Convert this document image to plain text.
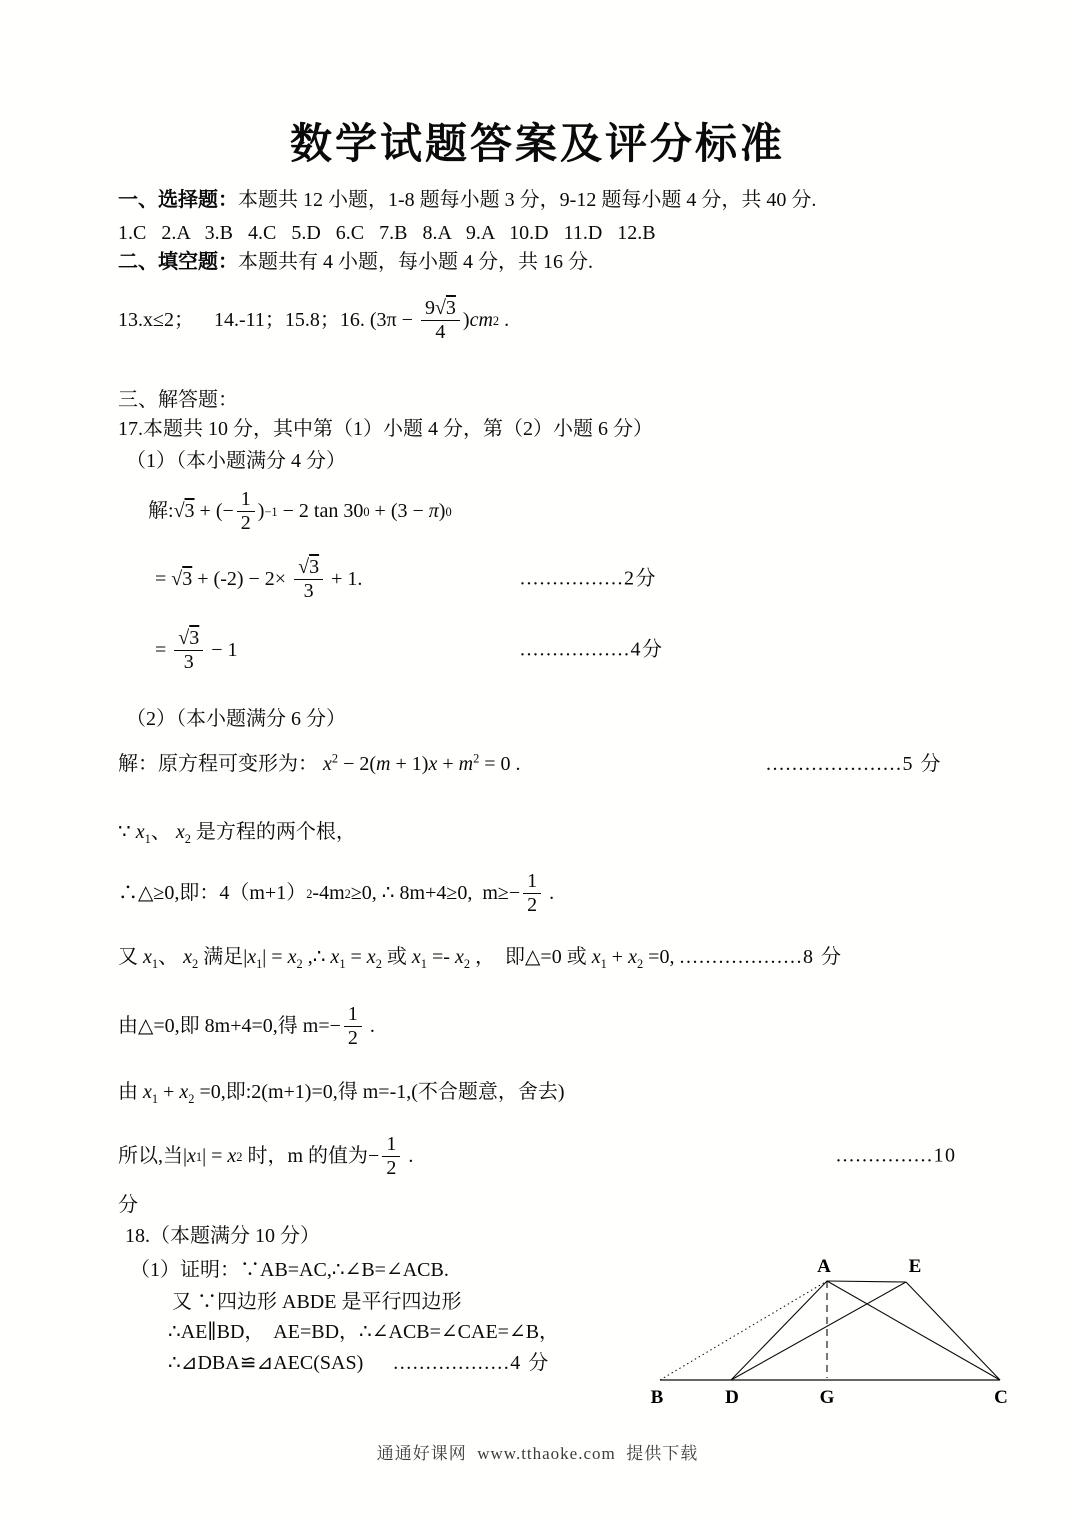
数学试题答案及评分标准
一、选择题：本题共 12 小题，1-8 题每小题 3 分，9-12 题每小题 4 分，共 40 分.
1.C   2.A   3.B   4.C   5.D   6.C   7.B   8.A   9.A   10.D   11.D   12.B
二、填空题：本题共有 4 小题，每小题 4 分，共 16 分.
13.x≤2；    14.-11；15.8；16. ($3\pi - \frac{9√3}{4}$ ) cm 2 .
三、解答题：
17.本题共 10 分，其中第（1）小题 4 分，第（2）小题 6 分）
（1）（本小题满分 4 分）
解: √3 + (− $\frac{1}{2}$ ) −1 − 2 tan 30 0 + (3 − π ) 0
= $√3 + (-2) - 2\times \frac{√3}{3} + 1$.	................2分
= $\frac{√3}{3} - 1$	.................4分
（2）（本小题满分 6 分）
解：原方程可变形为： $x^2 - 2(m + 1)x + m^2 = 0$ .	.....................5 分
∵ $x_1$、 $x_2$ 是方程的两个根，
∴△≥0,即：4（m+1） 2 -4m 2 ≥0, ∴ 8m+4≥0,  $m\ge- \frac{1}{2}$ .
又 $x_1$、 $x_2$ 满足$|x_1| = x_2$ ,∴ $x_1 = x_2$ 或 $x_1 =- x_2$ ，  即△=0 或 $x_1 + x_2 =0$, ...................8 分
由△=0,即 8m+4=0,得 $m=- \frac{1}{2}$ .
由 $x_1 + x_2 =0$,即:2(m+1)=0,得 m=-1,(不合题意，舍去)
所以,当 | x 1 | = x 2 时，m 的值为− $\frac{1}{2}$ .	...............10
分
18.（本题满分 10 分）
（1）证明：∵AB=AC,∴∠B=∠ACB.
又 ∵四边形 ABDE 是平行四边形
∴AE∥BD，  AE=BD，∴∠ACB=∠CAE=∠B，
∴⊿DBA≌⊿AEC(SAS)      ..................4 分
A	E
B	D	G	C
通通好课网  www.tthaoke.com  提供下载
